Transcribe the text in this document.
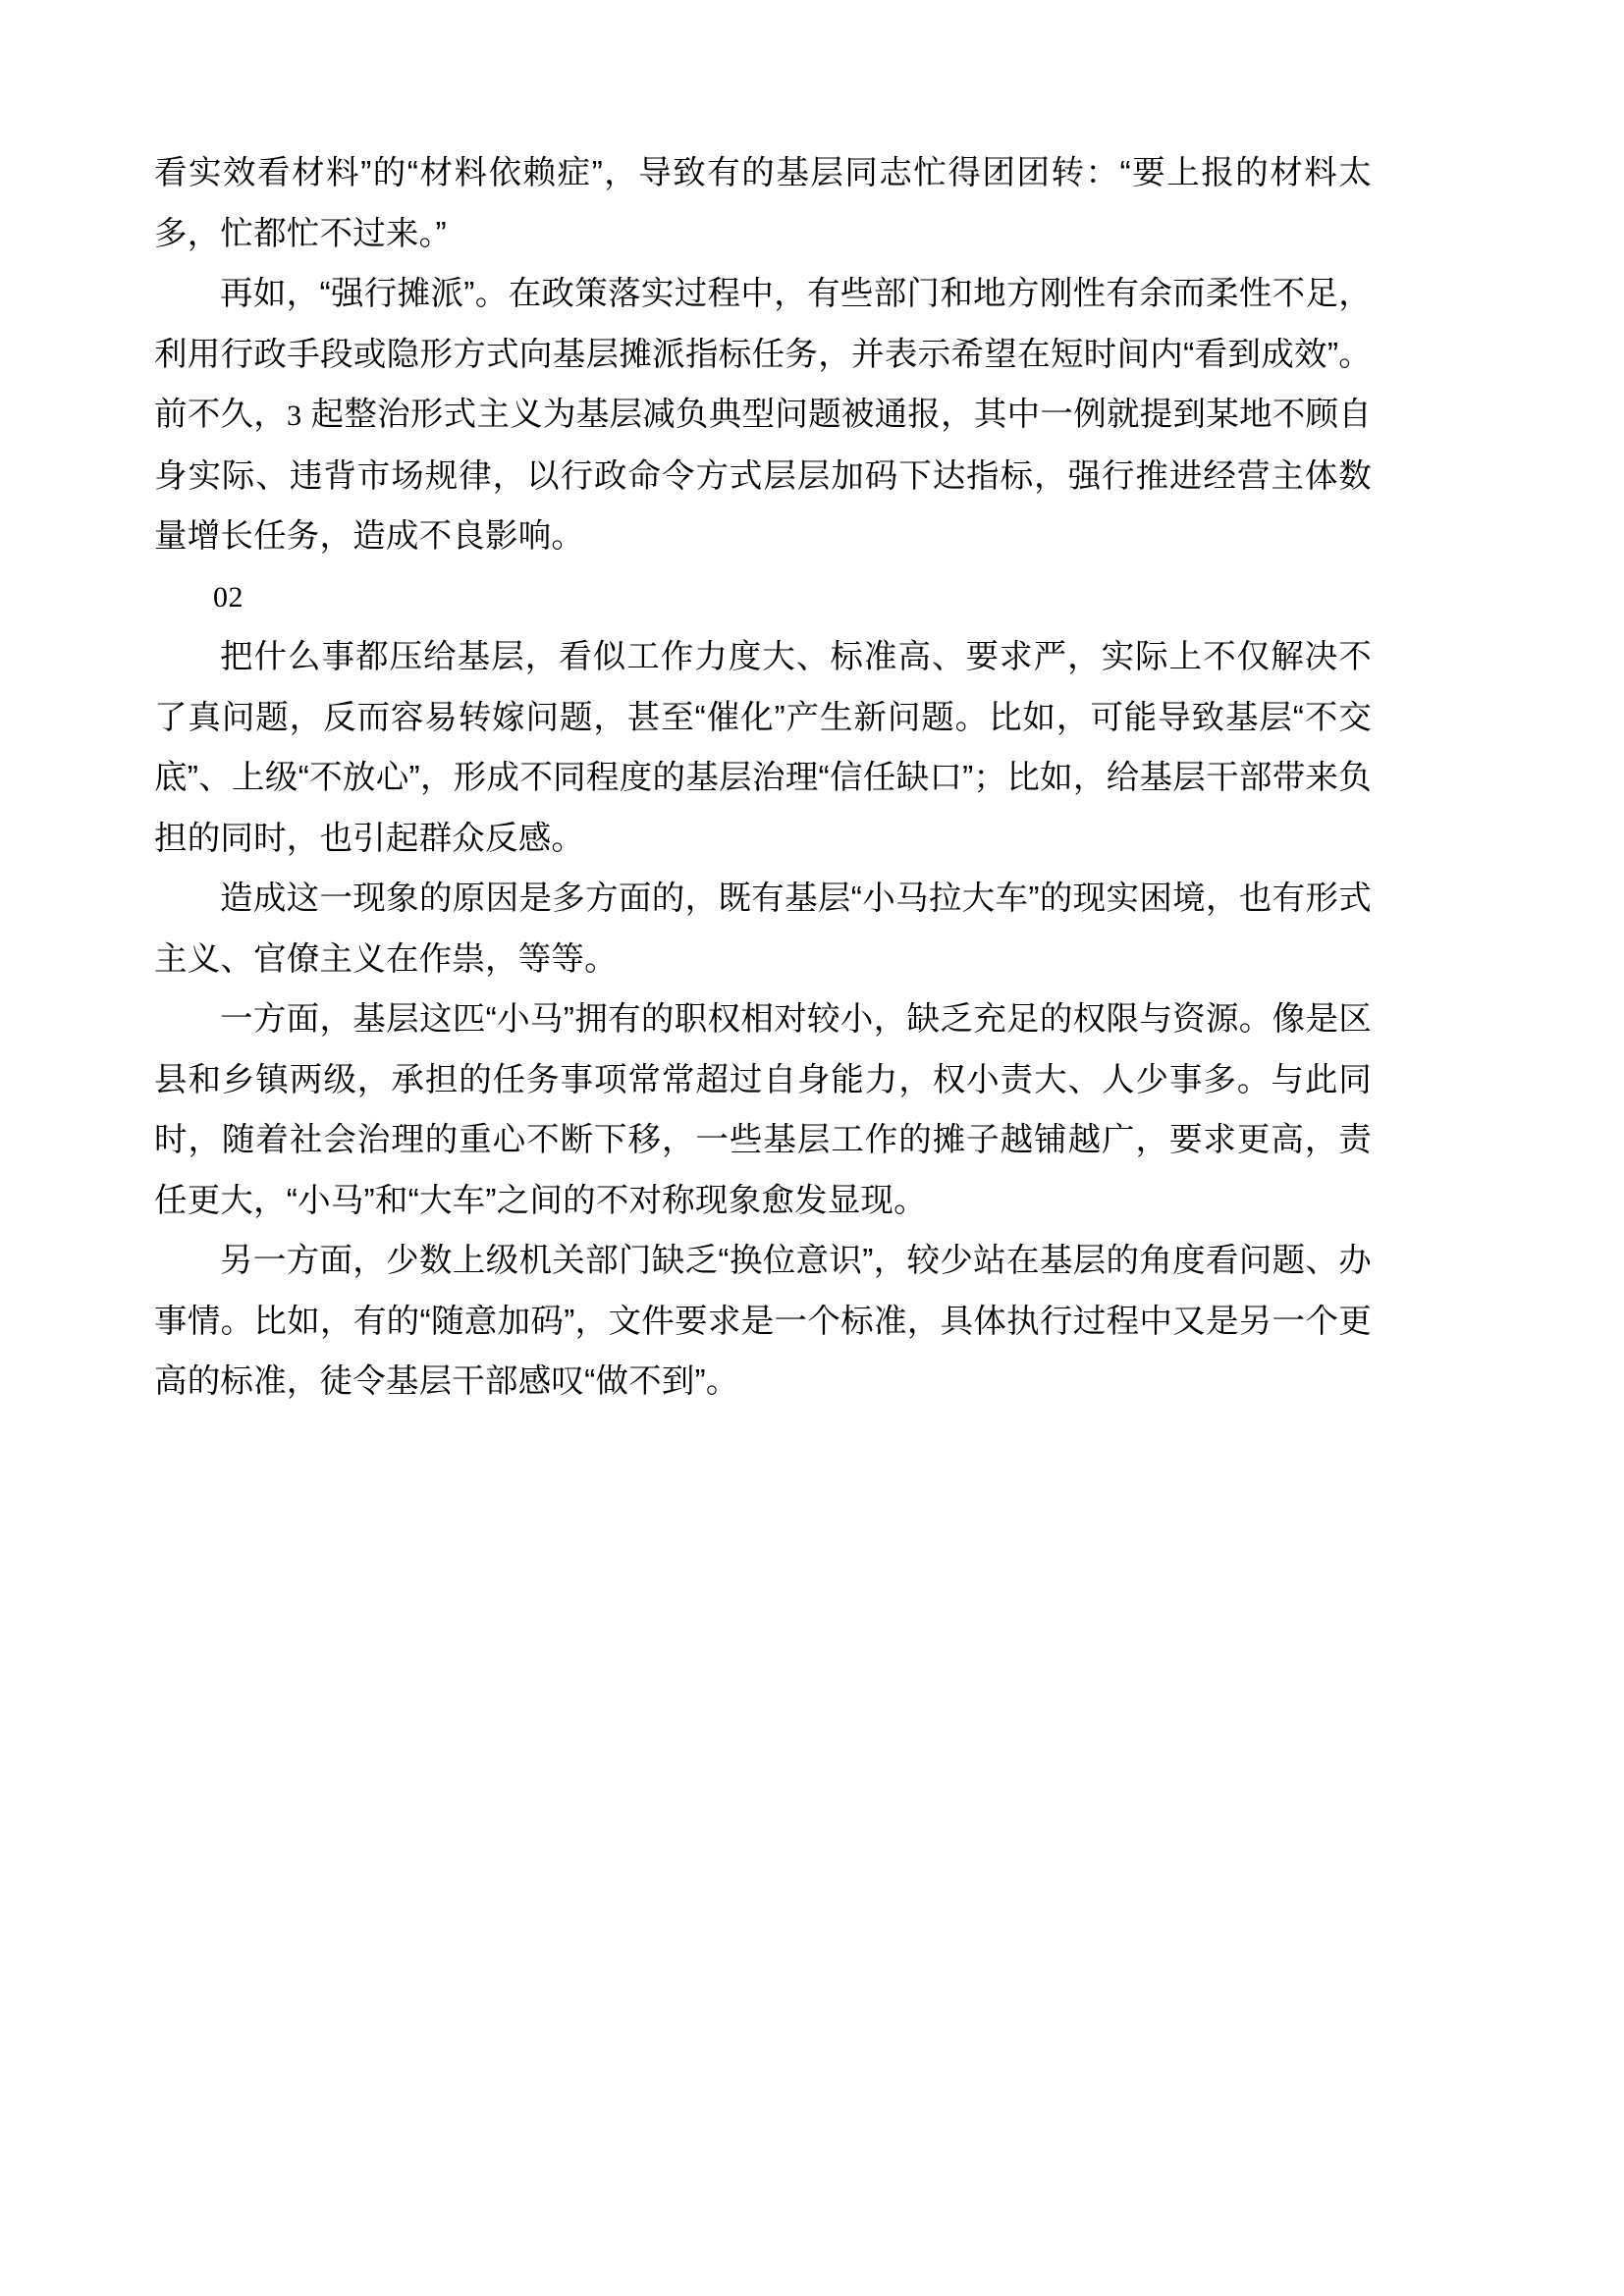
看实效看材料”的“材料依赖症”，导致有的基层同志忙得团团转：“要上报的材料太多，忙都忙不过来。”

再如，“强行摊派”。在政策落实过程中，有些部门和地方刚性有余而柔性不足，利用行政手段或隐形方式向基层摊派指标任务，并表示希望在短时间内“看到成效”。前不久，3 起整治形式主义为基层减负典型问题被通报，其中一例就提到某地不顾自身实际、违背市场规律，以行政命令方式层层加码下达指标，强行推进经营主体数量增长任务，造成不良影响。

02

把什么事都压给基层，看似工作力度大、标准高、要求严，实际上不仅解决不了真问题，反而容易转嫁问题，甚至“催化”产生新问题。比如，可能导致基层“不交底”、上级“不放心”，形成不同程度的基层治理“信任缺口”；比如，给基层干部带来负担的同时，也引起群众反感。

造成这一现象的原因是多方面的，既有基层“小马拉大车”的现实困境，也有形式主义、官僚主义在作祟，等等。

一方面，基层这匹“小马”拥有的职权相对较小，缺乏充足的权限与资源。像是区县和乡镇两级，承担的任务事项常常超过自身能力，权小责大、人少事多。与此同时，随着社会治理的重心不断下移，一些基层工作的摊子越铺越广，要求更高，责任更大，“小马”和“大车”之间的不对称现象愈发显现。

另一方面，少数上级机关部门缺乏“换位意识”，较少站在基层的角度看问题、办事情。比如，有的“随意加码”，文件要求是一个标准，具体执行过程中又是另一个更高的标准，徒令基层干部感叹“做不到”。
